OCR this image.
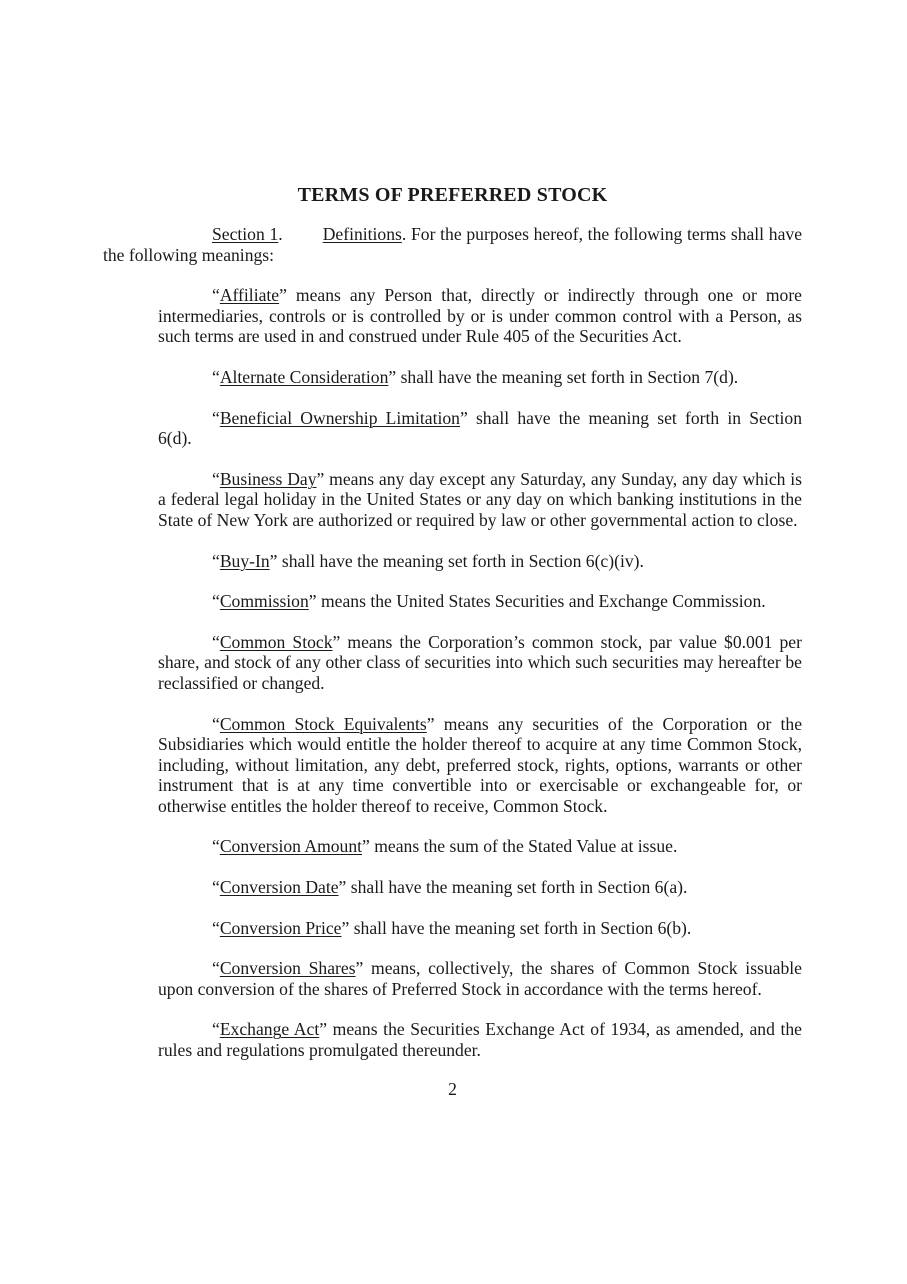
TERMS OF PREFERRED STOCK

Section 1. Definitions. For the purposes hereof, the following terms shall have the following meanings:

“Affiliate” means any Person that, directly or indirectly through one or more intermediaries, controls or is controlled by or is under common control with a Person, as such terms are used in and construed under Rule 405 of the Securities Act.

“Alternate Consideration” shall have the meaning set forth in Section 7(d).

“Beneficial Ownership Limitation” shall have the meaning set forth in Section 6(d).

“Business Day” means any day except any Saturday, any Sunday, any day which is a federal legal holiday in the United States or any day on which banking institutions in the State of New York are authorized or required by law or other governmental action to close.

“Buy-In” shall have the meaning set forth in Section 6(c)(iv).

“Commission” means the United States Securities and Exchange Commission.

“Common Stock” means the Corporation’s common stock, par value $0.001 per share, and stock of any other class of securities into which such securities may hereafter be reclassified or changed.

“Common Stock Equivalents” means any securities of the Corporation or the Subsidiaries which would entitle the holder thereof to acquire at any time Common Stock, including, without limitation, any debt, preferred stock, rights, options, warrants or other instrument that is at any time convertible into or exercisable or exchangeable for, or otherwise entitles the holder thereof to receive, Common Stock.

“Conversion Amount” means the sum of the Stated Value at issue.

“Conversion Date” shall have the meaning set forth in Section 6(a).

“Conversion Price” shall have the meaning set forth in Section 6(b).

“Conversion Shares” means, collectively, the shares of Common Stock issuable upon conversion of the shares of Preferred Stock in accordance with the terms hereof.

“Exchange Act” means the Securities Exchange Act of 1934, as amended, and the rules and regulations promulgated thereunder.

2
